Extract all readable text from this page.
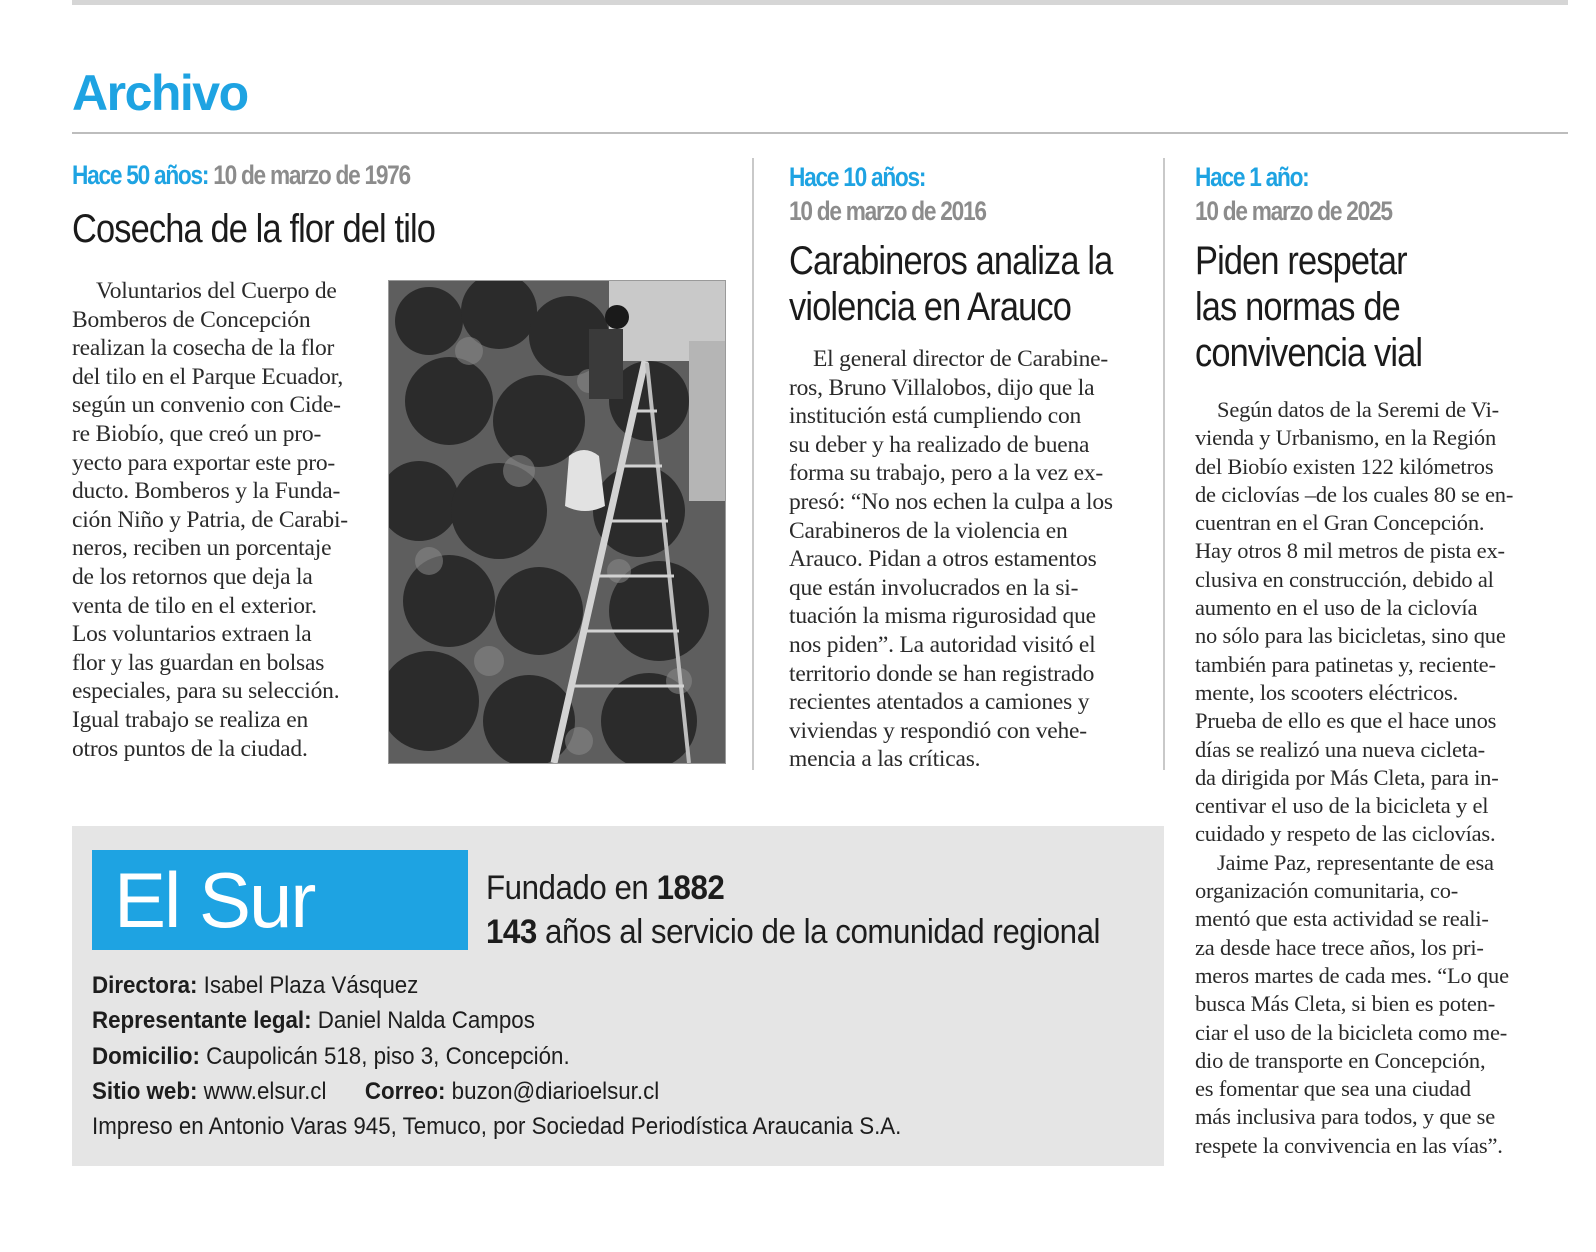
Archivo
Hace 50 años: 10 de marzo de 1976
Cosecha de la flor del tilo
Voluntarios del Cuerpo de
Bomberos de Concepción
realizan la cosecha de la flor
del tilo en el Parque Ecuador,
según un convenio con Cide-
re Biobío, que creó un pro-
yecto para exportar este pro-
ducto. Bomberos y la Funda-
ción Niño y Patria, de Carabi-
neros, reciben un porcentaje
de los retornos que deja la
venta de tilo en el exterior.
Los voluntarios extraen la
flor y las guardan en bolsas
especiales, para su selección.
Igual trabajo se realiza en
otros puntos de la ciudad.
Hace 10 años:
10 de marzo de 2016
Carabineros analiza la
violencia en Arauco
El general director de Carabine-
ros, Bruno Villalobos, dijo que la
institución está cumpliendo con
su deber y ha realizado de buena
forma su trabajo, pero a la vez ex-
presó: “No nos echen la culpa a los
Carabineros de la violencia en
Arauco. Pidan a otros estamentos
que están involucrados en la si-
tuación la misma rigurosidad que
nos piden”. La autoridad visitó el
territorio donde se han registrado
recientes atentados a camiones y
viviendas y respondió con vehe-
mencia a las críticas.
Hace 1 año:
10 de marzo de 2025
Piden respetar
las normas de
convivencia vial
Según datos de la Seremi de Vi-
vienda y Urbanismo, en la Región
del Biobío existen 122 kilómetros
de ciclovías –de los cuales 80 se en-
cuentran en el Gran Concepción.
Hay otros 8 mil metros de pista ex-
clusiva en construcción, debido al
aumento en el uso de la ciclovía
no sólo para las bicicletas, sino que
también para patinetas y, reciente-
mente, los scooters eléctricos.
Prueba de ello es que el hace unos
días se realizó una nueva cicleta-
da dirigida por Más Cleta, para in-
centivar el uso de la bicicleta y el
cuidado y respeto de las ciclovías.
Jaime Paz, representante de esa
organización comunitaria, co-
mentó que esta actividad se reali-
za desde hace trece años, los pri-
meros martes de cada mes. “Lo que
busca Más Cleta, si bien es poten-
ciar el uso de la bicicleta como me-
dio de transporte en Concepción,
es fomentar que sea una ciudad
más inclusiva para todos, y que se
respete la convivencia en las vías”.
El Sur	Fundado en 1882
143 años al servicio de la comunidad regional
Directora: Isabel Plaza Vásquez
Representante legal: Daniel Nalda Campos
Domicilio: Caupolicán 518, piso 3, Concepción.
Sitio web: www.elsur.cl Correo: buzon@diarioelsur.cl
Impreso en Antonio Varas 945, Temuco, por Sociedad Periodística Araucania S.A.
